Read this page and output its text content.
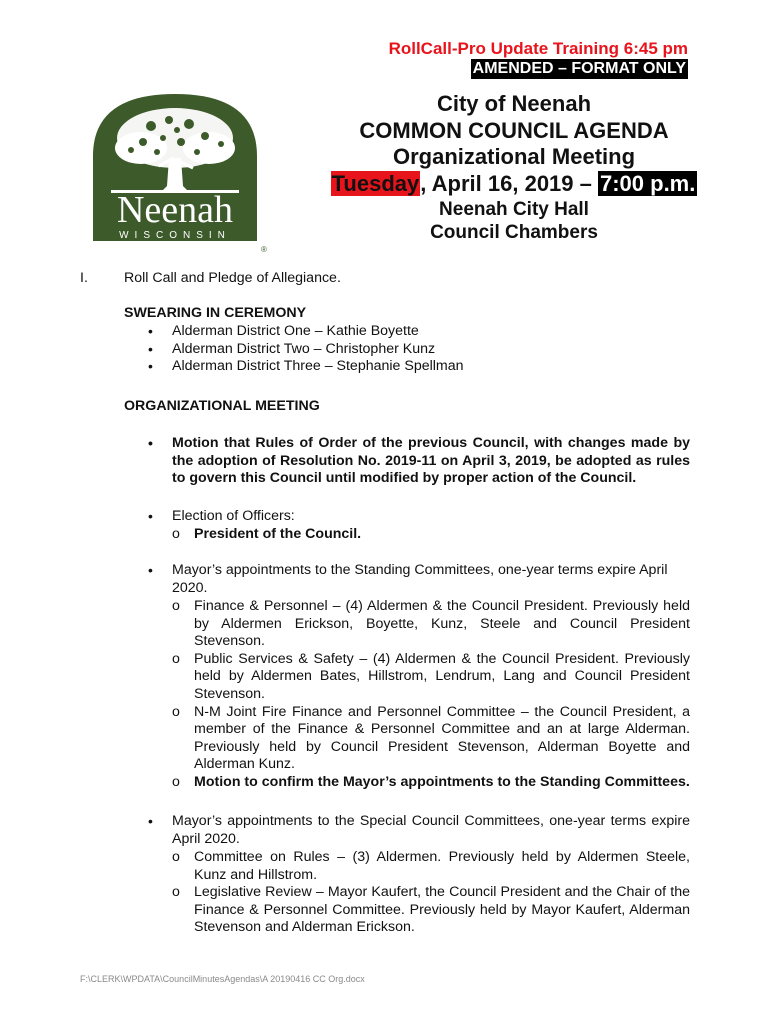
RollCall-Pro Update Training 6:45 pm
AMENDED – FORMAT ONLY
Neenah
WISCONSIN
®
City of Neenah
COMMON COUNCIL AGENDA
Organizational Meeting
Tuesday, April 16, 2019 – 7:00 p.m.
Neenah City Hall
Council Chambers
I.	Roll Call and Pledge of Allegiance.
SWEARING IN CEREMONY
• Alderman District One – Kathie Boyette
• Alderman District Two – Christopher Kunz
• Alderman District Three – Stephanie Spellman
ORGANIZATIONAL MEETING
• Motion that Rules of Order of the previous Council, with changes made by the adoption of Resolution No. 2019-11 on April 3, 2019, be adopted as rules to govern this Council until modified by proper action of the Council.
• Election of Officers:
o President of the Council.
• Mayor’s appointments to the Standing Committees, one-year terms expire April 2020.
o Finance & Personnel – (4) Aldermen & the Council President. Previously held by Aldermen Erickson, Boyette, Kunz, Steele and Council President Stevenson.
o Public Services & Safety – (4) Aldermen & the Council President. Previously held by Aldermen Bates, Hillstrom, Lendrum, Lang and Council President Stevenson.
o N-M Joint Fire Finance and Personnel Committee – the Council President, a member of the Finance & Personnel Committee and an at large Alderman. Previously held by Council President Stevenson, Alderman Boyette and Alderman Kunz.
o Motion to confirm the Mayor’s appointments to the Standing Committees.
• Mayor’s appointments to the Special Council Committees, one-year terms expire April 2020.
o Committee on Rules – (3) Aldermen. Previously held by Aldermen Steele, Kunz and Hillstrom.
o Legislative Review – Mayor Kaufert, the Council President and the Chair of the Finance & Personnel Committee. Previously held by Mayor Kaufert, Alderman Stevenson and Alderman Erickson.
F:\CLERK\WPDATA\CouncilMinutesAgendas\A 20190416 CC Org.docx
